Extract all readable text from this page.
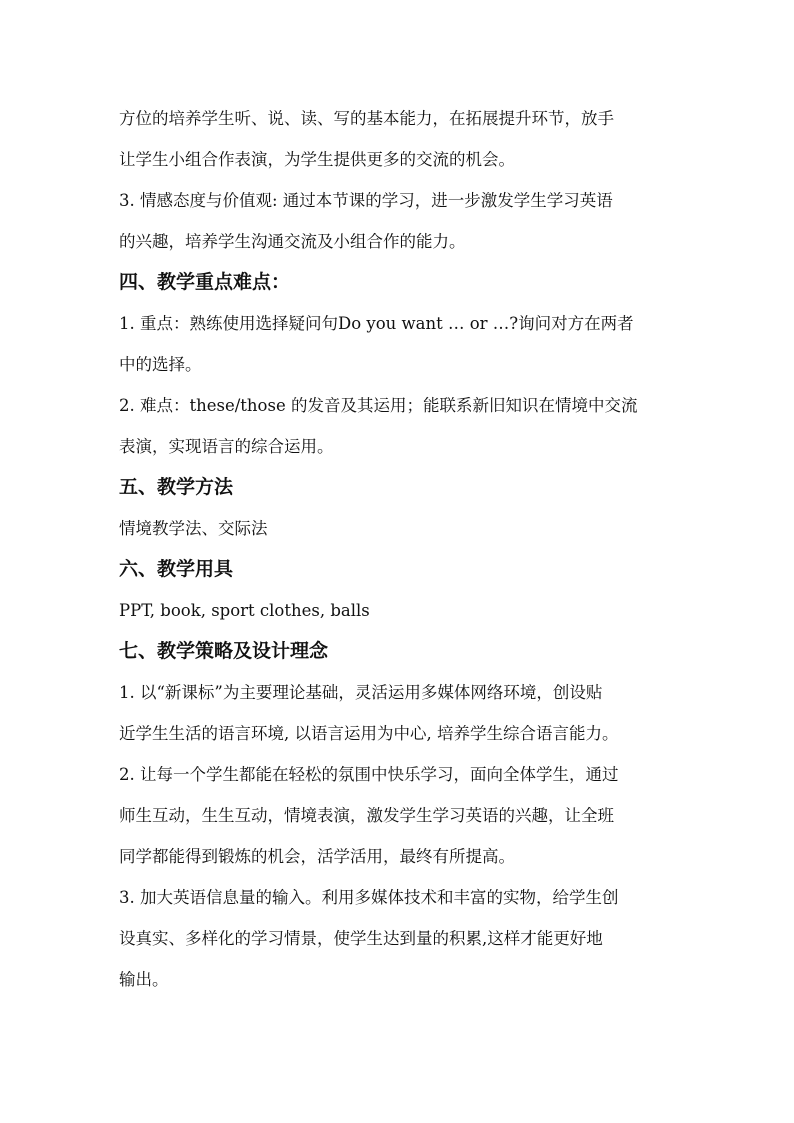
方位的培养学生听、说、读、写的基本能力，在拓展提升环节，放手
让学生小组合作表演，为学生提供更多的交流的机会。
3. 情感态度与价值观: 通过本节课的学习，进一步激发学生学习英语
的兴趣，培养学生沟通交流及小组合作的能力。
四、教学重点难点：
1. 重点：熟练使用选择疑问句Do you want … or …?询问对方在两者
中的选择。
2. 难点：these/those 的发音及其运用；能联系新旧知识在情境中交流
表演，实现语言的综合运用。
五、教学方法
情境教学法、交际法
六、教学用具
PPT, book, sport clothes, balls
七、教学策略及设计理念
1. 以“新课标”为主要理论基础，灵活运用多媒体网络环境，创设贴
近学生生活的语言环境, 以语言运用为中心, 培养学生综合语言能力。
2. 让每一个学生都能在轻松的氛围中快乐学习，面向全体学生，通过
师生互动，生生互动，情境表演，激发学生学习英语的兴趣，让全班
同学都能得到锻炼的机会，活学活用，最终有所提高。
3. 加大英语信息量的输入。利用多媒体技术和丰富的实物，给学生创
设真实、多样化的学习情景，使学生达到量的积累,这样才能更好地
输出。
